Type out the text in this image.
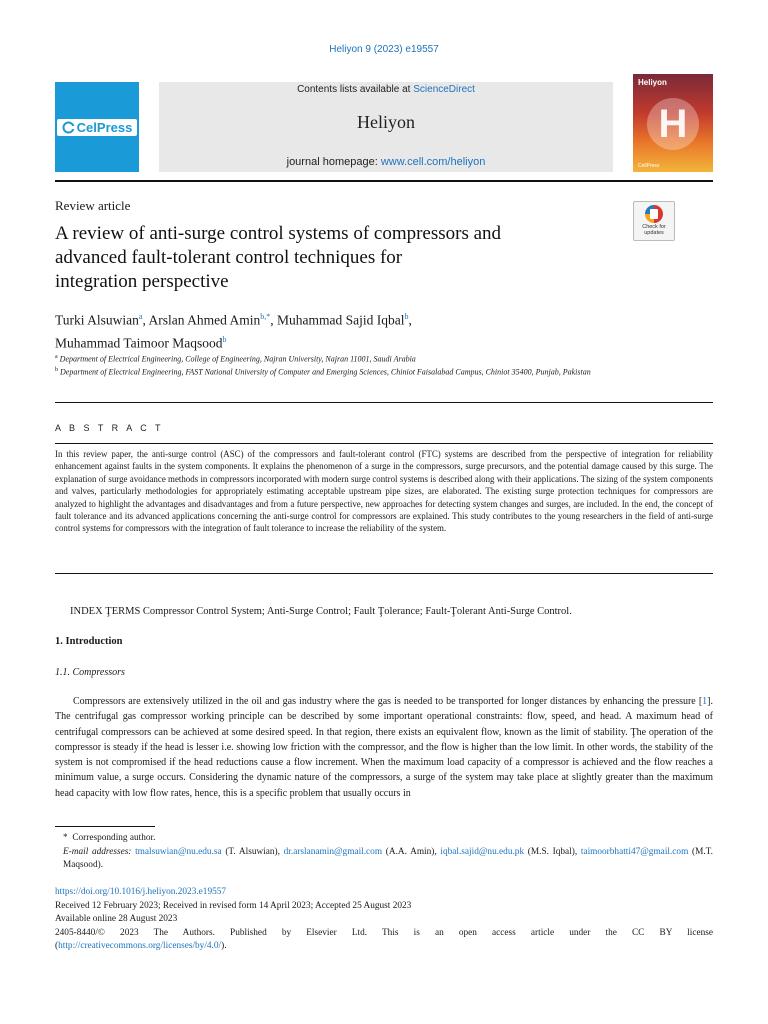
Heliyon 9 (2023) e19557
CelPress
Contents lists available at ScienceDirect
Heliyon
journal homepage: www.cell.com/heliyon
Heliyon
H
CellPress
Review article
Check for
updates
A review of anti-surge control systems of compressors and
advanced fault-tolerant control techniques for
integration perspective
Turki Alsuwian$^a$, Arslan Ahmed Amin$^{b,*}$, Muhammad Sajid Iqbal$^b$,
Muhammad Taimoor Maqsood$^b$
$^a$ Department of Electrical Engineering, College of Engineering, Najran University, Najran 11001, Saudi Arabia
$^b$ Department of Electrical Engineering, FAST National University of Computer and Emerging Sciences, Chiniot Faisalabad Campus, Chiniot 35400, Punjab, Pakistan
A B S T R A C T
In this review paper, the anti-surge control (ASC) of the compressors and fault-tolerant control (FTC) systems are described from the perspective of integration for reliability enhancement against faults in the system components. It explains the phenomenon of a surge in the compressors, surge precursors, and the potential damage caused by this surge. The explanation of surge avoidance methods in compressors incorporated with modern surge control systems is described along with their applications. The sizing of the system components and valves, particularly methodologies for appropriately estimating acceptable upstream pipe sizes, are elaborated. The existing surge protection techniques for compressors are analyzed to highlight the advantages and disadvantages and from a future perspective, new approaches for detecting system changes and surges, are included. In the end, the concept of fault tolerance and its advanced applications concerning the anti-surge control for compressors are explained. This study contributes to the young researchers in the field of anti-surge control systems for compressors with the integration of fault tolerance to increase the reliability of the system.
INDEX ŢERMS Compressor Control System; Anti-Surge Control; Fault Ţolerance; Fault-Ţolerant Anti-Surge Control.
1. Introduction
1.1. Compressors
Compressors are extensively utilized in the oil and gas industry where the gas is needed to be transported for longer distances by enhancing the pressure [1]. The centrifugal gas compressor working principle can be described by some important operational constraints: flow, speed, and head. A maximum head of centrifugal compressors can be achieved at some desired speed. In that region, there exists an equivalent flow, known as the limit of stability. Ţhe operation of the compressor is steady if the head is lesser i.e. showing low friction with the compressor, and the flow is higher than the low limit. In other words, the stability of the system is not compromised if the head reductions cause a flow increment. When the maximum load capacity of a compressor is achieved and the flow reaches a minimum value, a surge occurs. Considering the dynamic nature of the compressors, a surge of the system may take place at slightly greater than the maximum head capacity with low flow rates, hence, this is a specific problem that usually occurs in
* Corresponding author.
E-mail addresses: tmalsuwian@nu.edu.sa (T. Alsuwian), dr.arslanamin@gmail.com (A.A. Amin), iqbal.sajid@nu.edu.pk (M.S. Iqbal), taimoorbhatti47@gmail.com (M.T. Maqsood).
https://doi.org/10.1016/j.heliyon.2023.e19557
Received 12 February 2023; Received in revised form 14 April 2023; Accepted 25 August 2023
Available online 28 August 2023
2405-8440/© 2023 The Authors. Published by Elsevier Ltd. This is an open access article under the CC BY license
(http://creativecommons.org/licenses/by/4.0/).
